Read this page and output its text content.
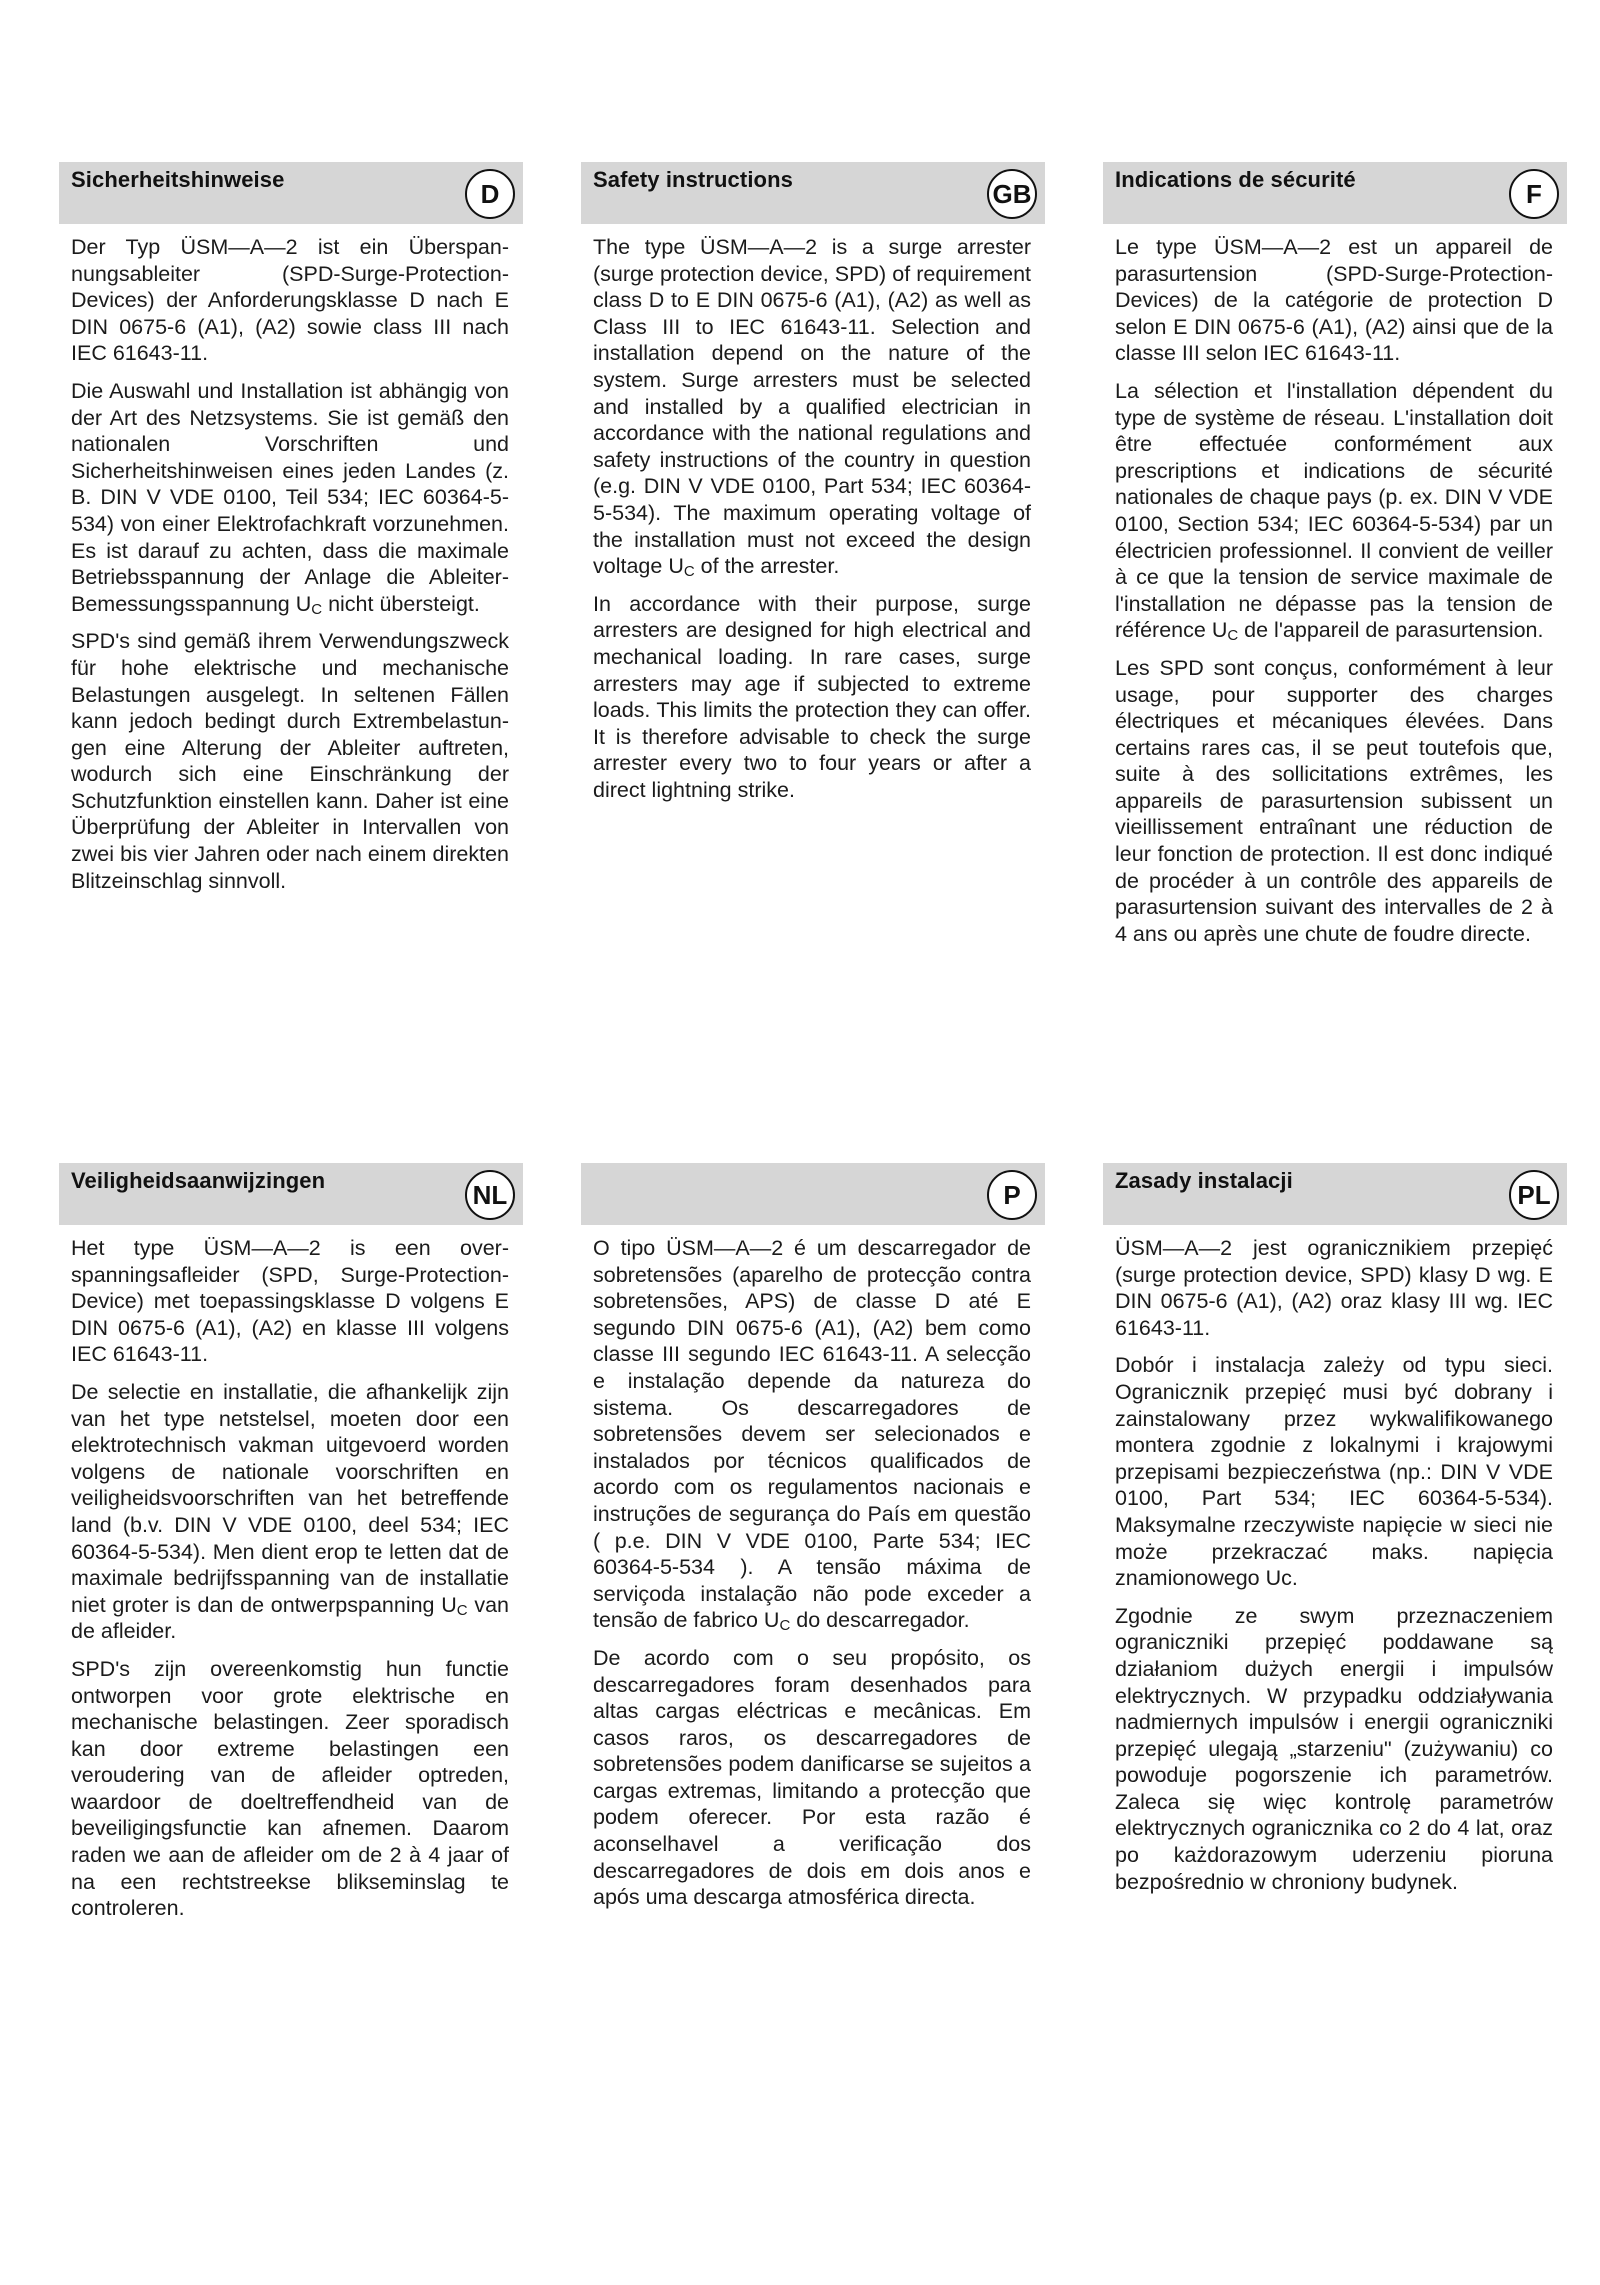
Sicherheitshinweise	D

Der Typ ÜSM—A—2 ist ein Überspannungsableiter (SPD-Surge-Protection-Devices) der Anforderungsklasse D nach E DIN 0675-6 (A1), (A2) sowie class III nach IEC 61643-11.

Die Auswahl und Installation ist abhängig von der Art des Netzsystems. Sie ist gemäß den nationalen Vorschriften und Sicherheitshinweisen eines jeden Landes (z. B. DIN V VDE 0100, Teil 534; IEC 60364-5-534) von einer Elektrofachkraft vorzunehmen. Es ist darauf zu achten, dass die maximale Betriebsspannung der Anlage die Ableiter-Bemessungsspannung $U_C$ nicht übersteigt.

SPD's sind gemäß ihrem Verwendungszweck für hohe elektrische und mechanische Belastungen ausgelegt. In seltenen Fällen kann jedoch bedingt durch Extrembelastungen eine Alterung der Ableiter auftreten, wodurch sich eine Einschränkung der Schutzfunktion einstellen kann. Daher ist eine Überprüfung der Ableiter in Intervallen von zwei bis vier Jahren oder nach einem direkten Blitzeinschlag sinnvoll.

Safety instructions	GB

The type ÜSM—A—2 is a surge arrester (surge protection device, SPD) of requirement class D to E DIN 0675-6 (A1), (A2) as well as Class III to IEC 61643-11. Selection and installation depend on the nature of the system. Surge arresters must be selected and installed by a qualified electrician in accordance with the national regulations and safety instructions of the country in question (e.g. DIN V VDE 0100, Part 534; IEC 60364-5-534). The maximum operating voltage of the installation must not exceed the design voltage $U_C$ of the arrester.

In accordance with their purpose, surge arresters are designed for high electrical and mechanical loading. In rare cases, surge arresters may age if subjected to extreme loads. This limits the protection they can offer. It is therefore advisable to check the surge arrester every two to four years or after a direct lightning strike.

Indications de sécurité	F

Le type ÜSM—A—2 est un appareil de parasurtension (SPD-Surge-Protection-Devices) de la catégorie de protection D selon E DIN 0675-6 (A1), (A2) ainsi que de la classe III selon IEC 61643-11.

La sélection et l'installation dépendent du type de système de réseau. L'installation doit être effectuée conformément aux prescriptions et indications de sécurité nationales de chaque pays (p. ex. DIN V VDE 0100, Section 534; IEC 60364-5-534) par un électricien professionnel. Il convient de veiller à ce que la tension de service maximale de l'installation ne dépasse pas la tension de référence $U_C$ de l'appareil de parasurtension.

Les SPD sont conçus, conformément à leur usage, pour supporter des charges électriques et mécaniques élevées. Dans certains rares cas, il se peut toutefois que, suite à des sollicitations extrêmes, les appareils de parasurtension subissent un vieillissement entraînant une réduction de leur fonction de protection. Il est donc indiqué de procéder à un contrôle des appareils de parasurtension suivant des intervalles de 2 à 4 ans ou après une chute de foudre directe.

Veiligheidsaanwijzingen	NL

Het type ÜSM—A—2 is een overspanningsafleider (SPD, Surge-Protection-Device) met toepassingsklasse D volgens E DIN 0675-6 (A1), (A2) en klasse III volgens IEC 61643-11.

De selectie en installatie, die afhankelijk zijn van het type netstelsel, moeten door een elektrotechnisch vakman uitgevoerd worden volgens de nationale voorschriften en veiligheidsvoorschriften van het betreffende land (b.v. DIN V VDE 0100, deel 534; IEC 60364-5-534). Men dient erop te letten dat de maximale bedrijfsspanning van de installatie niet groter is dan de ontwerpspanning $U_C$ van de afleider.

SPD's zijn overeenkomstig hun functie ontworpen voor grote elektrische en mechanische belastingen. Zeer sporadisch kan door extreme belastingen een veroudering van de afleider optreden, waardoor de doeltreffendheid van de beveiligingsfunctie kan afnemen. Daarom raden we aan de afleider om de 2 à 4 jaar of na een rechtstreekse blikseminslag te controleren.

P

O tipo ÜSM—A—2 é um descarregador de sobretensões (aparelho de protecção contra sobretensões, APS) de classe D até E segundo DIN 0675-6 (A1), (A2) bem como classe III segundo IEC 61643-11. A selecção e instalação depende da natureza do sistema. Os descarregadores de sobretensões devem ser selecionados e instalados por técnicos qualificados de acordo com os regulamentos nacionais e instruções de segurança do País em questão ( p.e. DIN V VDE 0100, Parte 534; IEC 60364-5-534 ). A tensão máxima de serviçoda instalação não pode exceder a tensão de fabrico $U_C$ do descarregador.

De acordo com o seu propósito, os descarregadores foram desenhados para altas cargas eléctricas e mecânicas. Em casos raros, os descarregadores de sobretensões podem danificarse se sujeitos a cargas extremas, limitando a protecção que podem oferecer. Por esta razão é aconselhavel a verificação dos descarregadores de dois em dois anos e após uma descarga atmosférica directa.

Zasady instalacji	PL

ÜSM—A—2 jest ogranicznikiem przepięć (surge protection device, SPD) klasy D wg. E DIN 0675-6 (A1), (A2) oraz klasy III wg. IEC 61643-11.

Dobór i instalacja zależy od typu sieci. Ogranicznik przepięć musi być dobrany i zainstalowany przez wykwalifikowanego montera zgodnie z lokalnymi i krajowymi przepisami bezpieczeństwa (np.: DIN V VDE 0100, Part 534; IEC 60364-5-534). Maksymalne rzeczywiste napięcie w sieci nie może przekraczać maks. napięcia znamionowego Uc.

Zgodnie ze swym przeznaczeniem ograniczniki przepięć poddawane są działaniom dużych energii i impulsów elektrycznych. W przypadku oddziaływania nadmiernych impulsów i energii ograniczniki przepięć ulegają „starzeniu" (zużywaniu) co powoduje pogorszenie ich parametrów. Zaleca się więc kontrolę parametrów elektrycznych ogranicznika co 2 do 4 lat, oraz po każdorazowym uderzeniu pioruna bezpośrednio w chroniony budynek.
